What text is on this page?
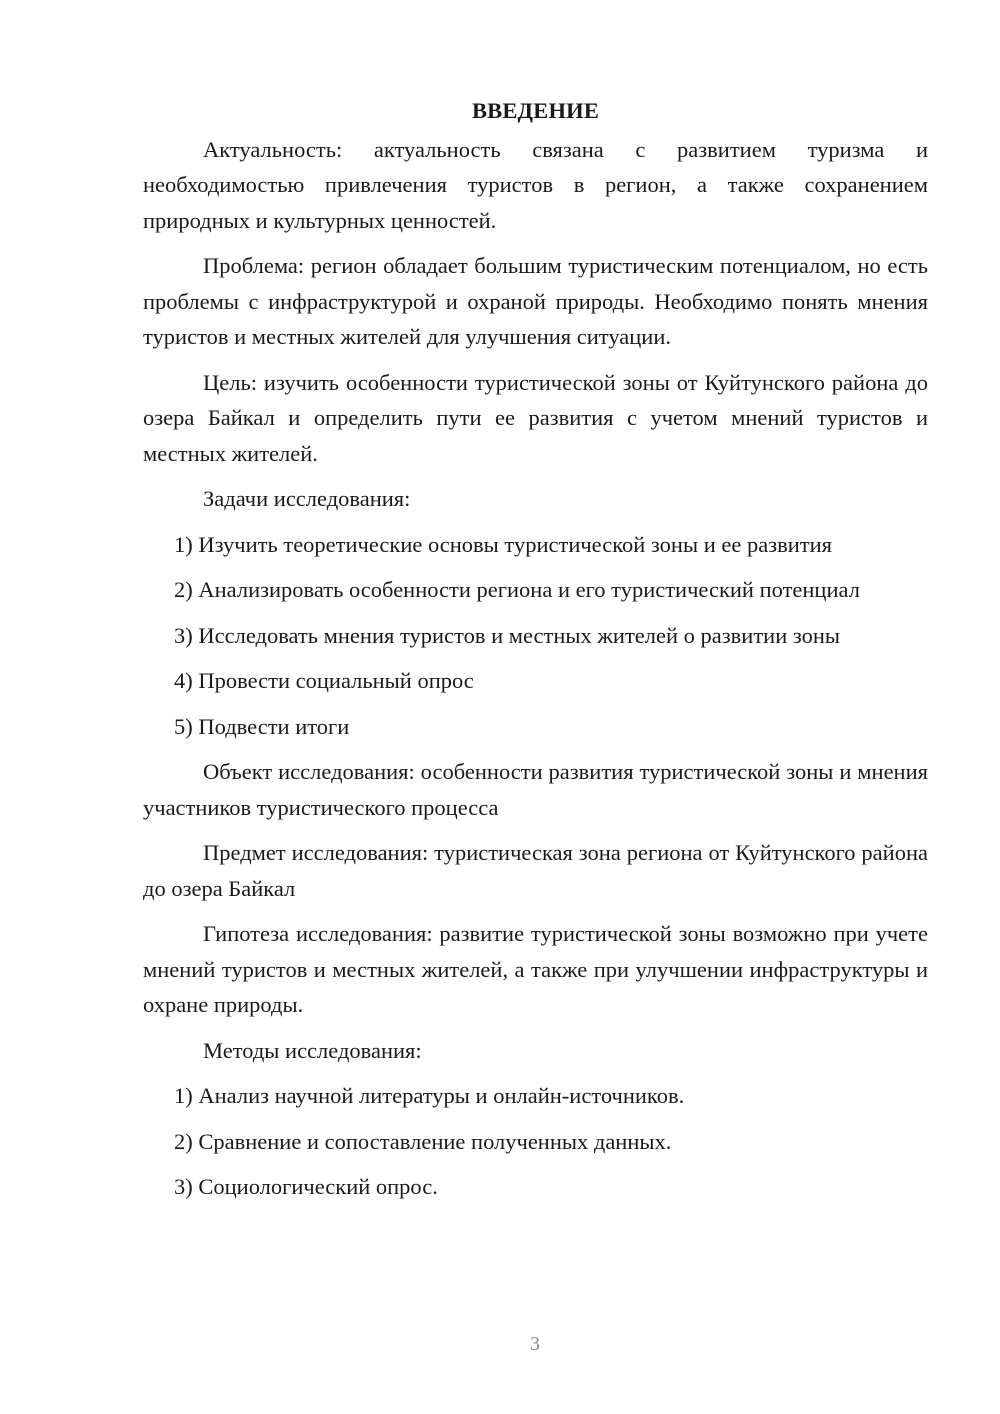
ВВЕДЕНИЕ

Актуальность: актуальность связана с развитием туризма и необходимостью привлечения туристов в регион, а также сохранением природных и культурных ценностей.

Проблема: регион обладает большим туристическим потенциалом, но есть проблемы с инфраструктурой и охраной природы. Необходимо понять мнения туристов и местных жителей для улучшения ситуации.

Цель: изучить особенности туристической зоны от Куйтунского района до озера Байкал и определить пути ее развития с учетом мнений туристов и местных жителей.

Задачи исследования:

1) Изучить теоретические основы туристической зоны и ее развития

2) Анализировать особенности региона и его туристический потенциал

3) Исследовать мнения туристов и местных жителей о развитии зоны

4) Провести социальный опрос

5) Подвести итоги

Объект исследования: особенности развития туристической зоны и мнения участников туристического процесса

Предмет исследования: туристическая зона региона от Куйтунского района до озера Байкал

Гипотеза исследования: развитие туристической зоны возможно при учете мнений туристов и местных жителей, а также при улучшении инфраструктуры и охране природы.

Методы исследования:

1) Анализ научной литературы и онлайн-источников.

2) Сравнение и сопоставление полученных данных.

3) Социологический опрос.

3
